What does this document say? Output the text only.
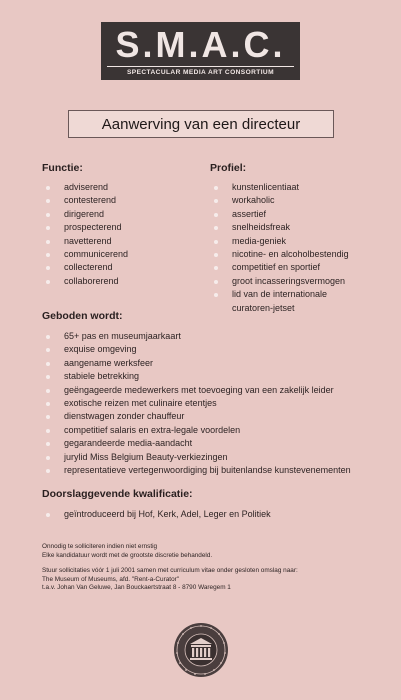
S.M.A.C.
SPECTACULAR MEDIA ART CONSORTIUM
Aanwerving van een directeur
Functie:
adviserend
contesterend
dirigerend
prospecterend
navetterend
communicerend
collecterend
collaborerend
Profiel:
kunstenlicentiaat
workaholic
assertief
snelheidsfreak
media-geniek
nicotine- en alcoholbestendig
competitief en sportief
groot incasseringsvermogen
lid van de internationale
curatoren-jetset
Geboden wordt:
65+ pas en museumjaarkaart
exquise omgeving
aangename werksfeer
stabiele betrekking
geëngageerde medewerkers met toevoeging van een zakelijk leider
exotische reizen met culinaire etentjes
dienstwagen zonder chauffeur
competitief salaris en extra-legale voordelen
gegarandeerde media-aandacht
jurylid Miss Belgium Beauty-verkiezingen
representatieve vertegenwoordiging bij buitenlandse kunstevenementen
Doorslaggevende kwalificatie:
geïntroduceerd bij Hof, Kerk, Adel, Leger en Politiek
Onnodig te solliciteren indien niet ernstig
Elke kandidatuur wordt met de grootste discretie behandeld.
Stuur sollicitaties vóór 1 juli 2001 samen met curriculum vitae onder gesloten omslag naar:
The Museum of Museums, afd. "Rent-a-Curator"
t.a.v. Johan Van Geluwe, Jan Bouckaertstraat 8 - 8790 Waregem 1
